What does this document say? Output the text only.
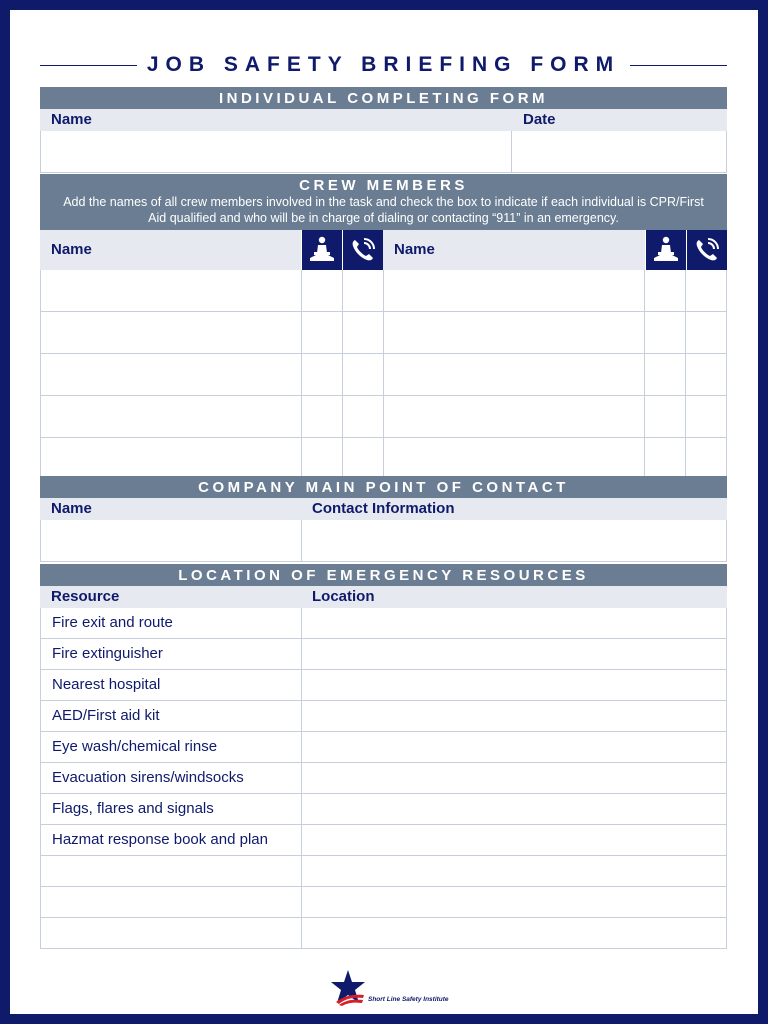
JOB SAFETY BRIEFING FORM
INDIVIDUAL COMPLETING FORM
Name	Date
CREW MEMBERS
Add the names of all crew members involved in the task and check the box to indicate if each individual is CPR/First Aid qualified and who will be in charge of dialing or contacting “911” in an emergency.
Name	Name
COMPANY MAIN POINT OF CONTACT
Name	Contact Information
LOCATION OF EMERGENCY RESOURCES
Resource	Location
Fire exit and route
Fire extinguisher
Nearest hospital
AED/First aid kit
Eye wash/chemical rinse
Evacuation sirens/windsocks
Flags, flares and signals
Hazmat response book and plan
Short Line Safety Institute
